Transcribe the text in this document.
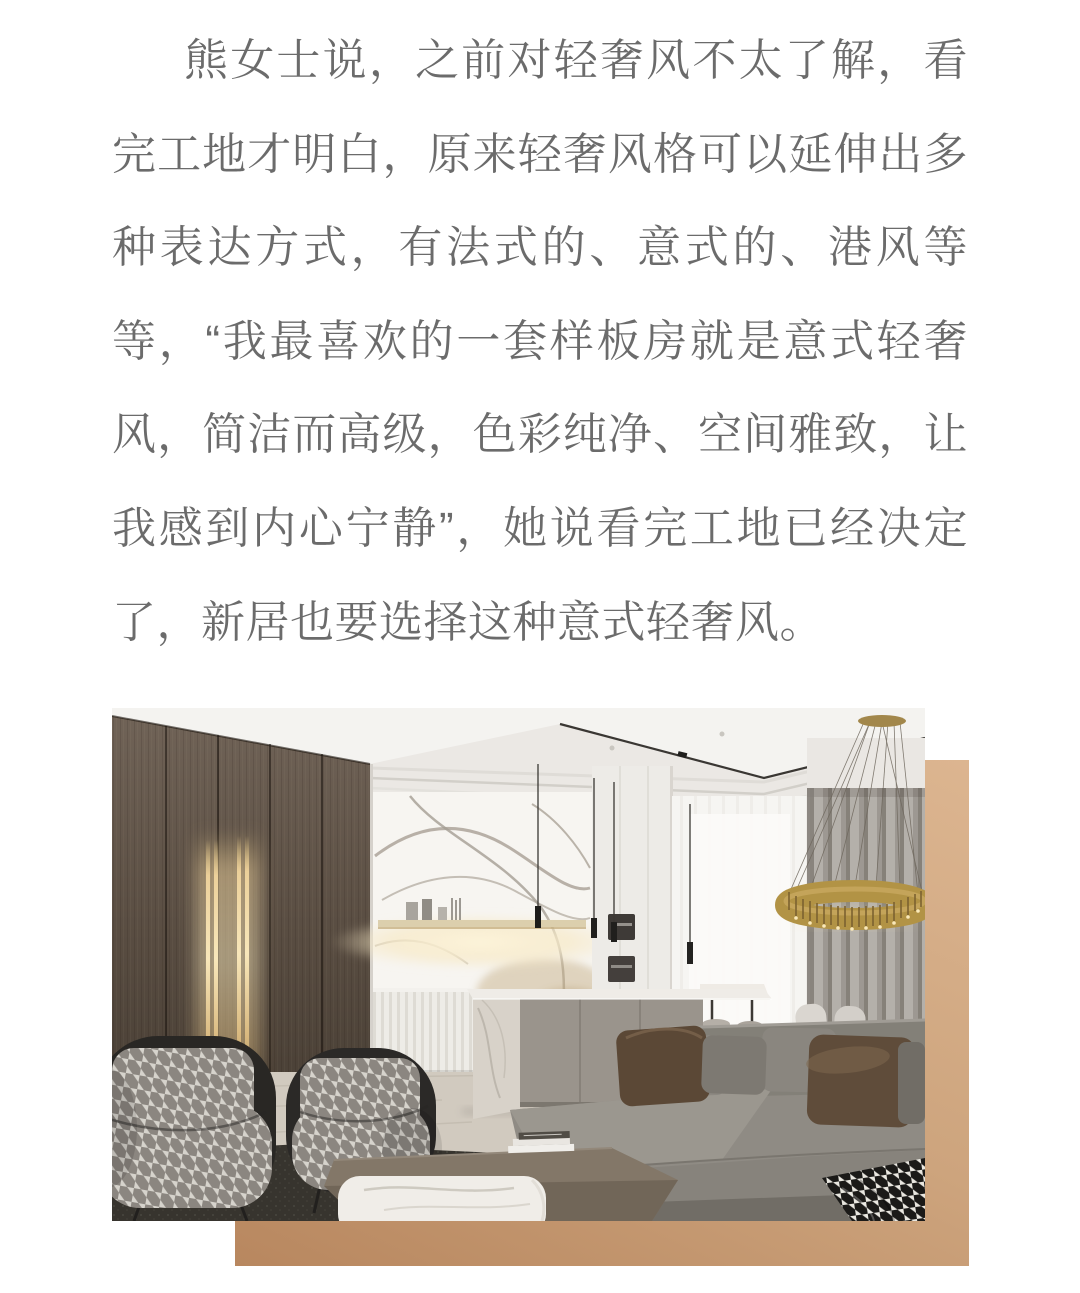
熊女士说，之前对轻奢风不太了解，看
完工地才明白，原来轻奢风格可以延伸出多
种表达方式，有法式的、意式的、港风等
等，“我最喜欢的一套样板房就是意式轻奢
风，简洁而高级，色彩纯净、空间雅致，让
我感到内心宁静”，她说看完工地已经决定
了，新居也要选择这种意式轻奢风。
